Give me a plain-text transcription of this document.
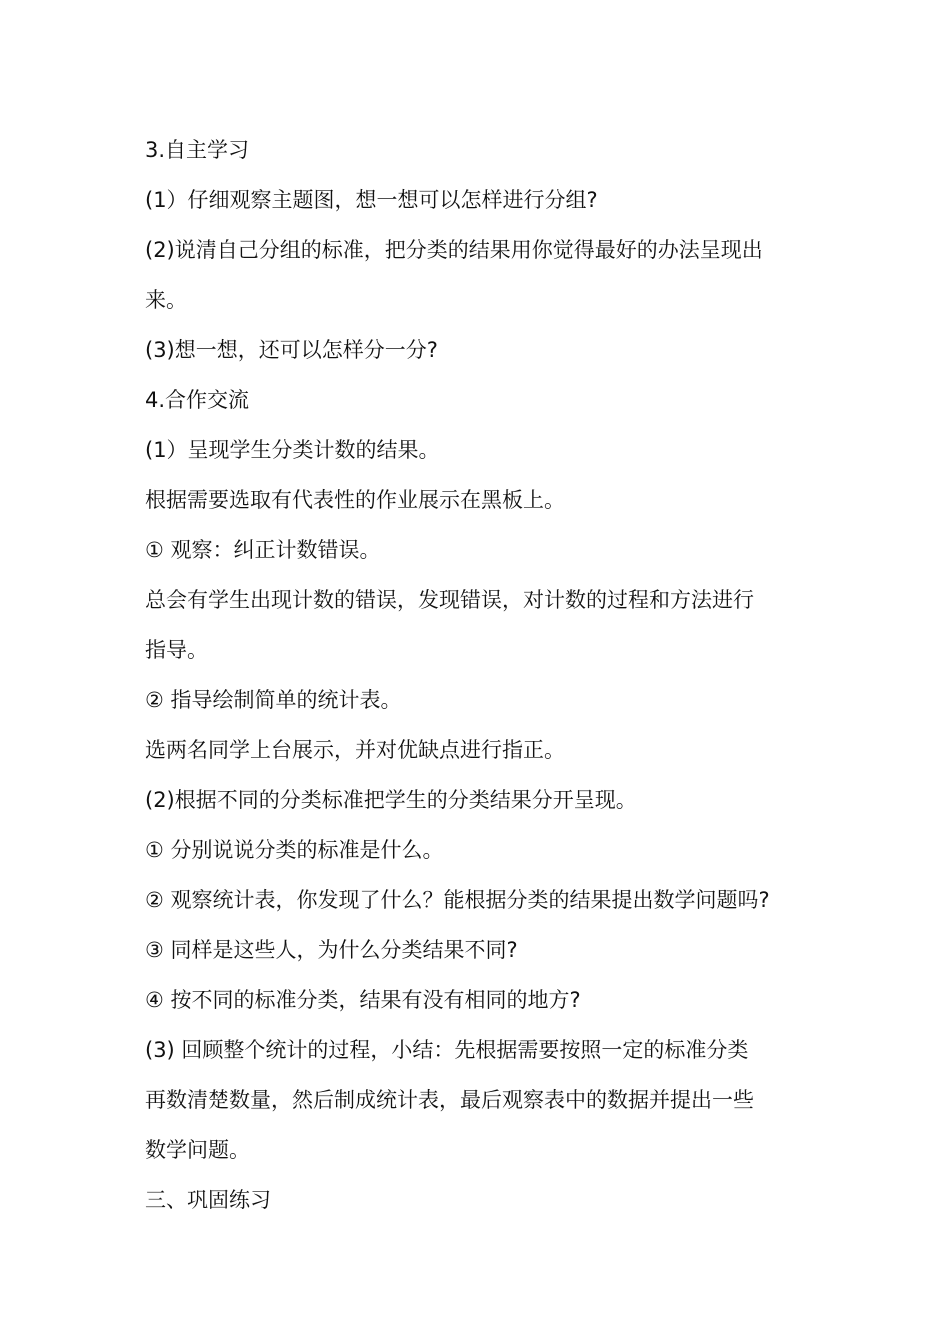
3.自主学习
(1）仔细观察主题图，想一想可以怎样进行分组?
(2)说清自己分组的标准，把分类的结果用你觉得最好的办法呈现出
来。
(3)想一想，还可以怎样分一分?
4.合作交流
(1）呈现学生分类计数的结果。
根据需要选取有代表性的作业展示在黑板上。
① 观察：纠正计数错误。
总会有学生出现计数的错误，发现错误，对计数的过程和方法进行
指导。
② 指导绘制简单的统计表。
选两名同学上台展示，并对优缺点进行指正。
(2)根据不同的分类标准把学生的分类结果分开呈现。
① 分别说说分类的标准是什么。
② 观察统计表，你发现了什么？能根据分类的结果提出数学问题吗?
③ 同样是这些人，为什么分类结果不同?
④ 按不同的标准分类，结果有没有相同的地方?
(3) 回顾整个统计的过程，小结：先根据需要按照一定的标准分类
再数清楚数量，然后制成统计表，最后观察表中的数据并提出一些
数学问题。
三、巩固练习
